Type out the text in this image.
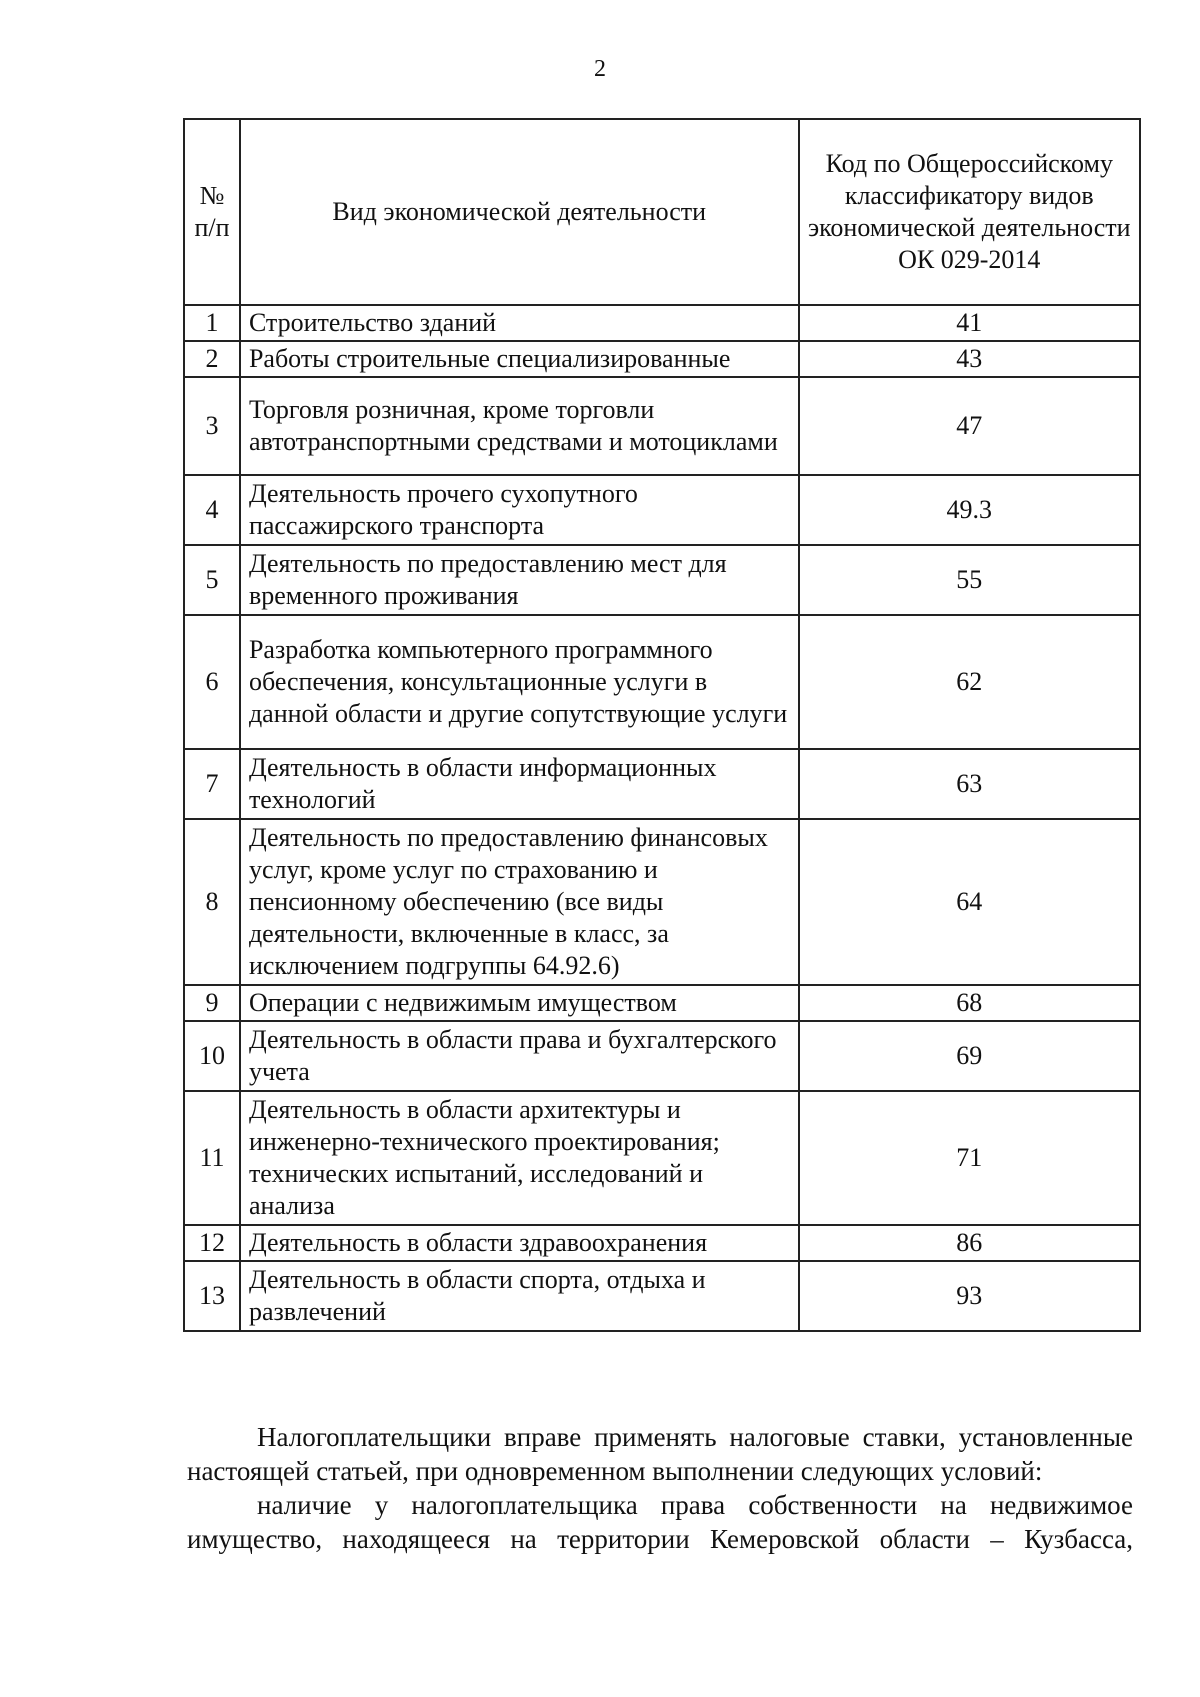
2
№ п/п	Вид экономической деятельности	Код по Общероссийскому классификатору видов экономической деятельности ОК 029-2014
1	Строительство зданий	41
2	Работы строительные специализированные	43
3	Торговля розничная, кроме торговли автотранспортными средствами и мотоциклами	47
4	Деятельность прочего сухопутного пассажирского транспорта	49.3
5	Деятельность по предоставлению мест для временного проживания	55
6	Разработка компьютерного программного обеспечения, консультационные услуги в данной области и другие сопутствующие услуги	62
7	Деятельность в области информационных технологий	63
8	Деятельность по предоставлению финансовых услуг, кроме услуг по страхованию и пенсионному обеспечению (все виды деятельности, включенные в класс, за исключением подгруппы 64.92.6)	64
9	Операции с недвижимым имуществом	68
10	Деятельность в области права и бухгалтерского учета	69
11	Деятельность в области архитектуры и инженерно-технического проектирования; технических испытаний, исследований и анализа	71
12	Деятельность в области здравоохранения	86
13	Деятельность в области спорта, отдыха и развлечений	93

Налогоплательщики вправе применять налоговые ставки, установленные настоящей статьей, при одновременном выполнении следующих условий:

наличие у налогоплательщика права собственности на недвижимое имущество, находящееся на территории Кемеровской области – Кузбасса,
